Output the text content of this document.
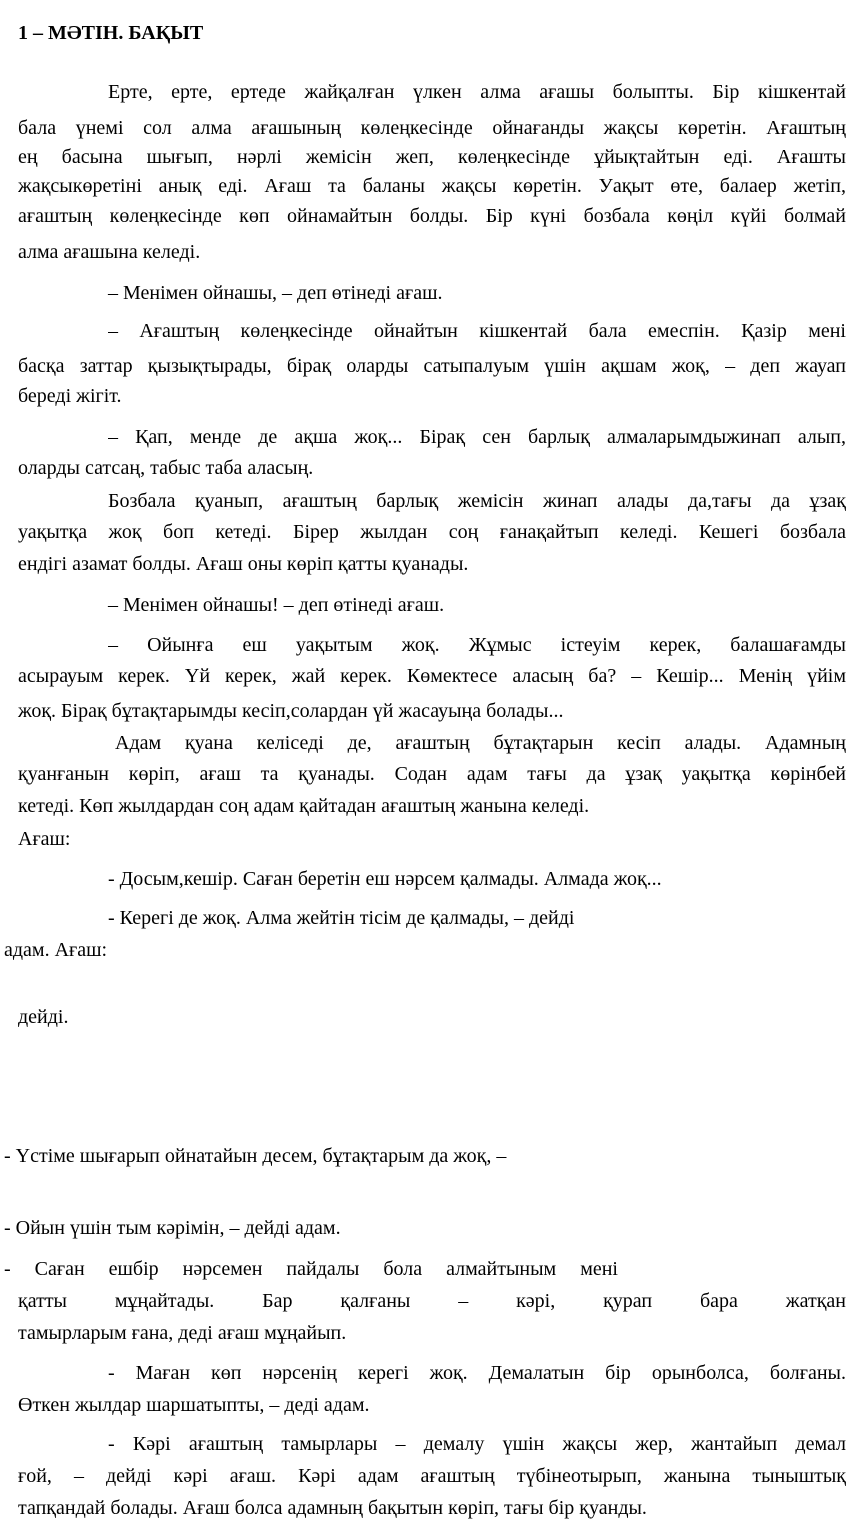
1 – МӘТІН. БАҚЫТ
Ерте, ерте, ертеде жайқалған үлкен алма ағашы болыпты. Бір кішкентай
бала үнемі сол алма ағашының көлеңкесінде ойнағанды жақсы көретін. Ағаштың
ең басына шығып, нәрлі жемісін жеп, көлеңкесінде ұйықтайтын еді. Ағашты
жақсыкөретіні анық еді. Ағаш та баланы жақсы көретін. Уақыт өте, балаер жетіп,
ағаштың көлеңкесінде көп ойнамайтын болды. Бір күні бозбала көңіл күйі болмай
алма ағашына келеді.
– Менімен ойнашы, – деп өтінеді ағаш.
– Ағаштың көлеңкесінде ойнайтын кішкентай бала емеспін. Қазір мені
басқа заттар қызықтырады, бірақ оларды сатыпалуым үшін ақшам жоқ, – деп жауап
береді жігіт.
– Қап, менде де ақша жоқ... Бірақ сен барлық алмаларымдыжинап алып,
оларды сатсаң, табыс таба аласың.
Бозбала қуанып, ағаштың барлық жемісін жинап алады да,тағы да ұзақ
уақытқа жоқ боп кетеді. Бірер жылдан соң ғанақайтып келеді. Кешегі бозбала
ендігі азамат болды. Ағаш оны көріп қатты қуанады.
– Менімен ойнашы! – деп өтінеді ағаш.
– Ойынға еш уақытым жоқ. Жұмыс істеуім керек, балашағамды
асырауым керек. Үй керек, жай керек. Көмектесе аласың ба? – Кешір... Менің үйім
жоқ. Бірақ бұтақтарымды кесіп,солардан үй жасауыңа болады...
Адам қуана келіседі де, ағаштың бұтақтарын кесіп алады. Адамның
қуанғанын көріп, ағаш та қуанады. Содан адам тағы да ұзақ уақытқа көрінбей
кетеді. Көп жылдардан соң адам қайтадан ағаштың жанына келеді.
Ағаш:
- Досым,кешір. Саған беретін еш нәрсем қалмады. Алмада жоқ...
- Керегі де жоқ. Алма жейтін тісім де қалмады, – дейді
адам. Ағаш:
дейді.
- Үстіме шығарып ойнатайын десем, бұтақтарым да жоқ, –
- Ойын үшін тым кәрімін, – дейді адам.
- Саған ешбір нәрсемен пайдалы бола алмайтыным мені
қатты мұңайтады. Бар қалғаны – кәрі, қурап бара жатқан
тамырларым ғана, деді ағаш мұңайып.
- Маған көп нәрсенің керегі жоқ. Демалатын бір орынболса, болғаны.
Өткен жылдар шаршатыпты, – деді адам.
- Кәрі ағаштың тамырлары – демалу үшін жақсы жер, жантайып демал
ғой, – дейді кәрі ағаш. Кәрі адам ағаштың түбінеотырып, жанына тыныштық
тапқандай болады. Ағаш болса адамның бақытын көріп, тағы бір қуанды.
